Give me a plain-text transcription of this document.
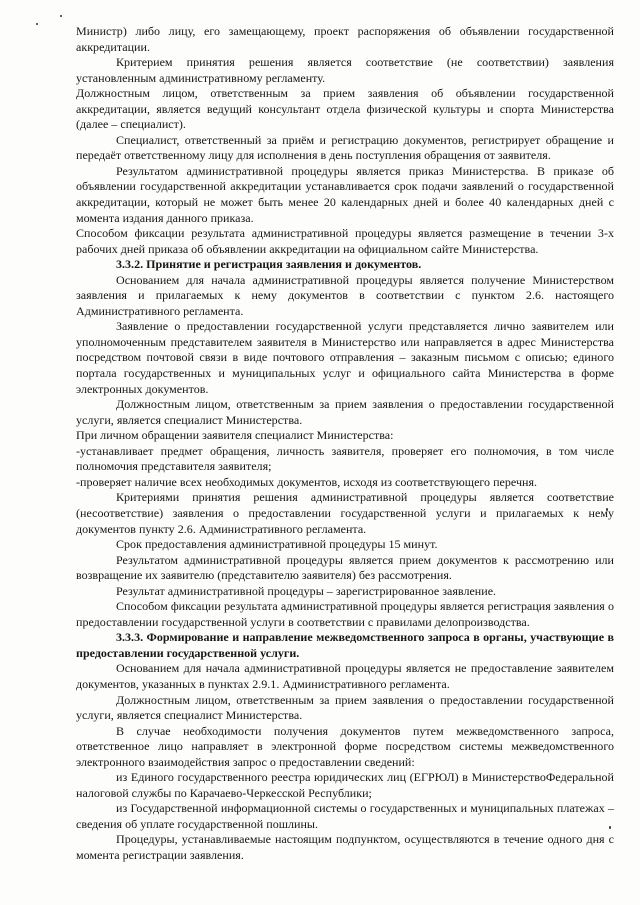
Министр) либо лицу, его замещающему, проект распоряжения об объявлении государственной аккредитации.

Критерием принятия решения является соответствие (не соответствии) заявления установленным административному регламенту.

Должностным лицом, ответственным за прием заявления об объявлении государственной аккредитации, является ведущий консультант отдела физической культуры и спорта Министерства (далее – специалист).

Специалист, ответственный за приём и регистрацию документов, регистрирует обращение и передаёт ответственному лицу для исполнения в день поступления обращения от заявителя.

Результатом административной процедуры является приказ Министерства. В приказе об объявлении государственной аккредитации устанавливается срок подачи заявлений о государственной аккредитации, который не может быть менее 20 календарных дней и более 40 календарных дней с момента издания данного приказа.

Способом фиксации результата административной процедуры является размещение в течении 3-х рабочих дней приказа об объявлении аккредитации на официальном сайте Министерства.

3.3.2. Принятие и регистрация заявления и документов.

Основанием для начала административной процедуры является получение Министерством заявления и прилагаемых к нему документов в соответствии с пунктом 2.6. настоящего Административного регламента.

Заявление о предоставлении государственной услуги представляется лично заявителем или уполномоченным представителем заявителя в Министерство или направляется в адрес Министерства посредством почтовой связи в виде почтового отправления – заказным письмом с описью; единого портала государственных и муниципальных услуг и официального сайта Министерства в форме электронных документов.

Должностным лицом, ответственным за прием заявления о предоставлении государственной услуги, является специалист Министерства.

При личном обращении заявителя специалист Министерства:

-устанавливает предмет обращения, личность заявителя, проверяет его полномочия, в том числе полномочия представителя заявителя;

-проверяет наличие всех необходимых документов, исходя из соответствующего перечня.

Критериями принятия решения административной процедуры является соответствие (несоответствие) заявления о предоставлении государственной услуги и прилагаемых к нему документов пункту 2.6. Административного регламента.

Срок предоставления административной процедуры 15 минут.

Результатом административной процедуры является прием документов к рассмотрению или возвращение их заявителю (представителю заявителя) без рассмотрения.

Результат административной процедуры – зарегистрированное заявление.

Способом фиксации результата административной процедуры является регистрация заявления о предоставлении государственной услуги в соответствии с правилами делопроизводства.

3.3.3. Формирование и направление межведомственного запроса в органы, участвующие в предоставлении государственной услуги.

Основанием для начала административной процедуры является не предоставление заявителем документов, указанных в пунктах 2.9.1. Административного регламента.

Должностным лицом, ответственным за прием заявления о предоставлении государственной услуги, является специалист Министерства.

В случае необходимости получения документов путем межведомственного запроса, ответственное лицо направляет в электронной форме посредством системы межведомственного электронного взаимодействия запрос о предоставлении сведений:

из Единого государственного реестра юридических лиц (ЕГРЮЛ) в МинистерствоФедеральной налоговой службы по Карачаево-Черкесской Республики;

из Государственной информационной системы о государственных и муниципальных платежах – сведения об уплате государственной пошлины.

Процедуры, устанавливаемые настоящим подпунктом, осуществляются в течение одного дня с момента регистрации заявления.
